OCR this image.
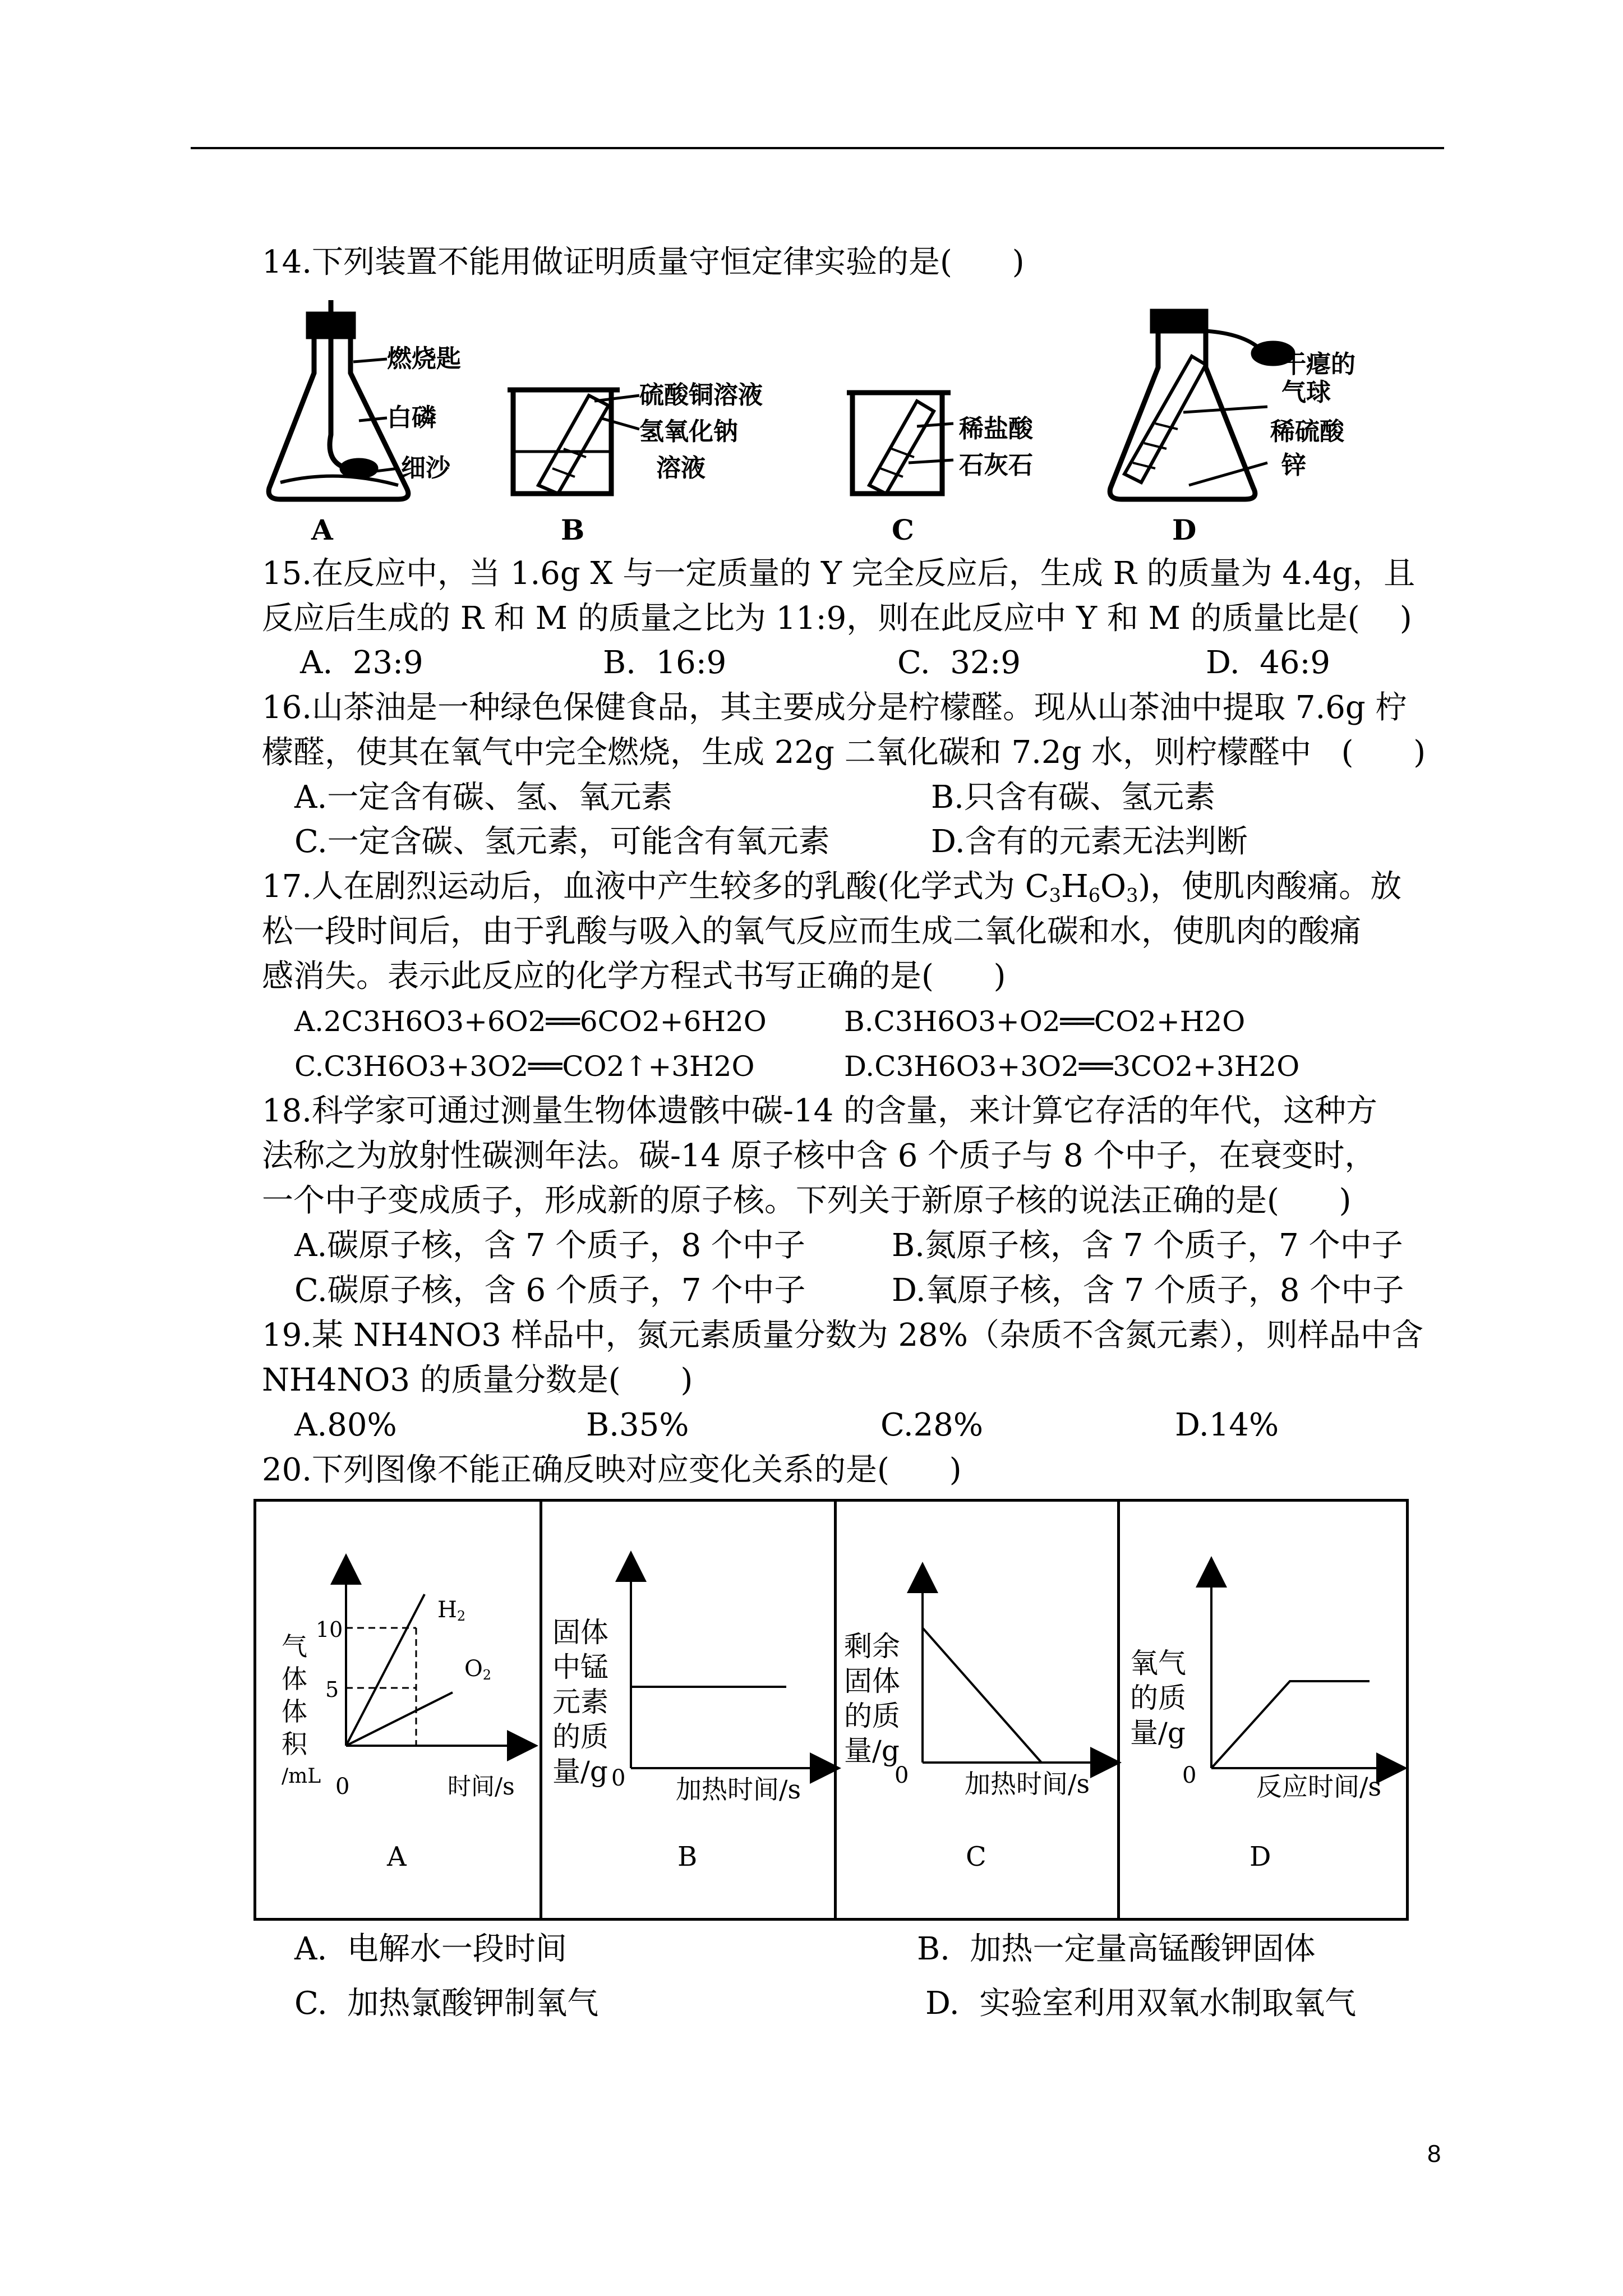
14.下列装置不能用做证明质量守恒定律实验的是(      )
燃烧匙
白磷
细沙
A
硫酸铜溶液
氢氧化钠
溶液
B
稀盐酸
石灰石
C
干瘪的
气球
稀硫酸
锌
D
15.在反应中，当 1.6g X 与一定质量的 Y 完全反应后，生成 R 的质量为 4.4g，且
反应后生成的 R 和 M 的质量之比为 11:9，则在此反应中 Y 和 M 的质量比是(    )
A.  23:9	B.  16:9	C.  32:9	D.  46:9
16.山茶油是一种绿色保健食品，其主要成分是柠檬醛。现从山茶油中提取 7.6g 柠
檬醛，使其在氧气中完全燃烧，生成 22g 二氧化碳和 7.2g 水，则柠檬醛中   (      )
A.一定含有碳、氢、氧元素	B.只含有碳、氢元素
C.一定含碳、氢元素，可能含有氧元素	D.含有的元素无法判断
17.人在剧烈运动后，血液中产生较多的乳酸(化学式为 $C_3H_6O_3$)，使肌肉酸痛。放
松一段时间后，由于乳酸与吸入的氧气反应而生成二氧化碳和水，使肌肉的酸痛
感消失。表示此反应的化学方程式书写正确的是(      )
A.2C3H6O3+6O2══6CO2+6H2O	B.C3H6O3+O2══CO2+H2O
C.C3H6O3+3O2══CO2↑+3H2O	D.C3H6O3+3O2══3CO2+3H2O
18.科学家可通过测量生物体遗骸中碳-14 的含量，来计算它存活的年代，这种方
法称之为放射性碳测年法。碳-14 原子核中含 6 个质子与 8 个中子，在衰变时，
一个中子变成质子，形成新的原子核。下列关于新原子核的说法正确的是(      )
A.碳原子核，含 7 个质子，8 个中子	B.氮原子核，含 7 个质子，7 个中子
C.碳原子核，含 6 个质子，7 个中子	D.氧原子核，含 7 个质子，8 个中子
19.某 NH4NO3 样品中，氮元素质量分数为 28%（杂质不含氮元素），则样品中含
NH4NO3 的质量分数是(      )
A.80%	B.35%	C.28%	D.14%
20.下列图像不能正确反映对应变化关系的是(      )

气
体
体
积
/mL

10
5
0	时间/s
$H_2$
$O_2$
A

固体
中锰
元素
的质
量/g 0 加热时间/s
B

剩余
固体
的质
量/g

0 加热时间/s
C

氧气
的质
量/g

0 反应时间/s
D
A.  电解水一段时间	B.  加热一定量高锰酸钾固体
C.  加热氯酸钾制氧气	D.  实验室利用双氧水制取氧气
8
